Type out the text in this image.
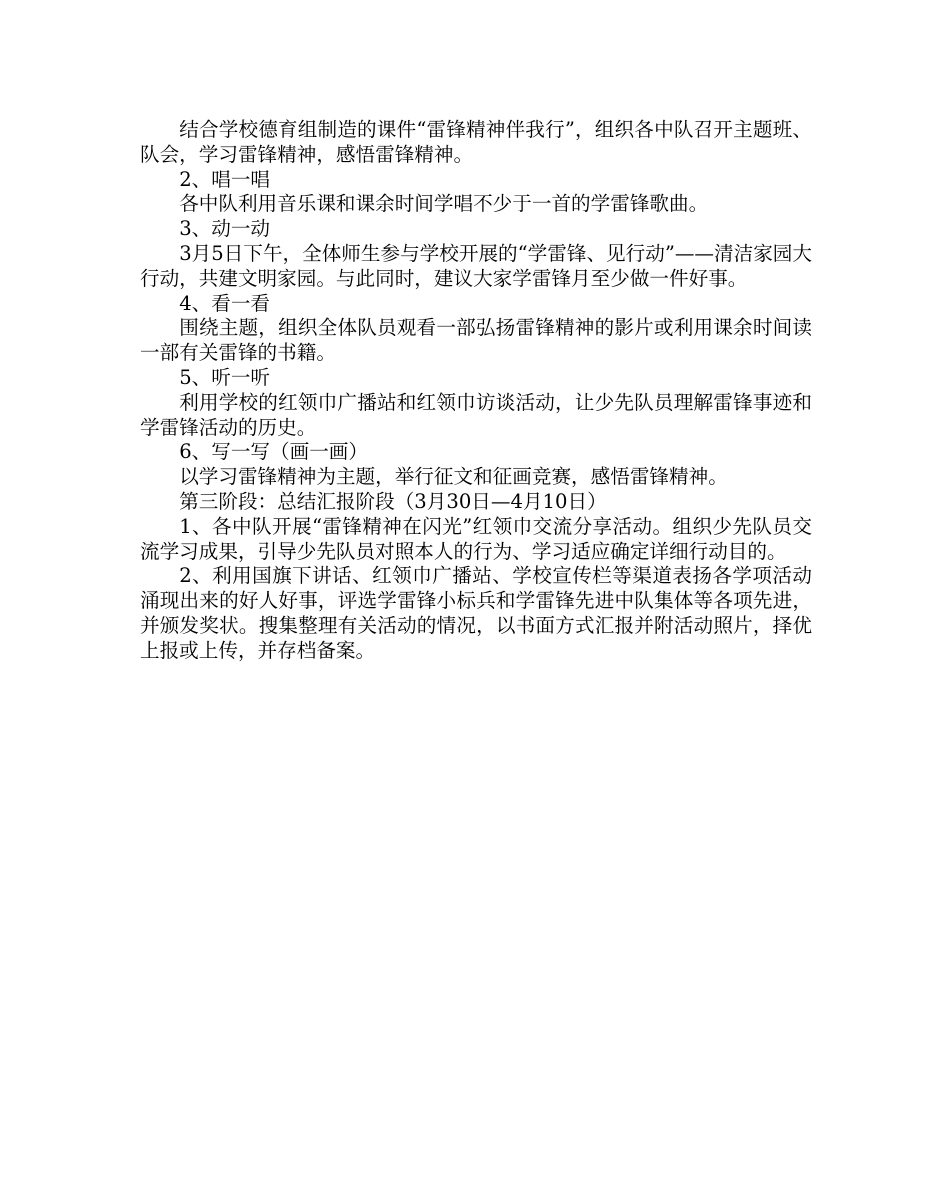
结合学校德育组制造的课件“雷锋精神伴我行”，组织各中队召开主题班、队会，学习雷锋精神，感悟雷锋精神。

2、唱一唱

各中队利用音乐课和课余时间学唱不少于一首的学雷锋歌曲。

3、动一动

3月5日下午，全体师生参与学校开展的“学雷锋、见行动”——清洁家园大行动，共建文明家园。与此同时，建议大家学雷锋月至少做一件好事。

4、看一看

围绕主题，组织全体队员观看一部弘扬雷锋精神的影片或利用课余时间读一部有关雷锋的书籍。

5、听一听

利用学校的红领巾广播站和红领巾访谈活动，让少先队员理解雷锋事迹和学雷锋活动的历史。

6、写一写（画一画）

以学习雷锋精神为主题，举行征文和征画竞赛，感悟雷锋精神。

第三阶段：总结汇报阶段（3月30日—4月10日）

1、各中队开展“雷锋精神在闪光”红领巾交流分享活动。组织少先队员交流学习成果，引导少先队员对照本人的行为、学习适应确定详细行动目的。

2、利用国旗下讲话、红领巾广播站、学校宣传栏等渠道表扬各学项活动涌现出来的好人好事，评选学雷锋小标兵和学雷锋先进中队集体等各项先进，并颁发奖状。搜集整理有关活动的情况，以书面方式汇报并附活动照片，择优上报或上传，并存档备案。
